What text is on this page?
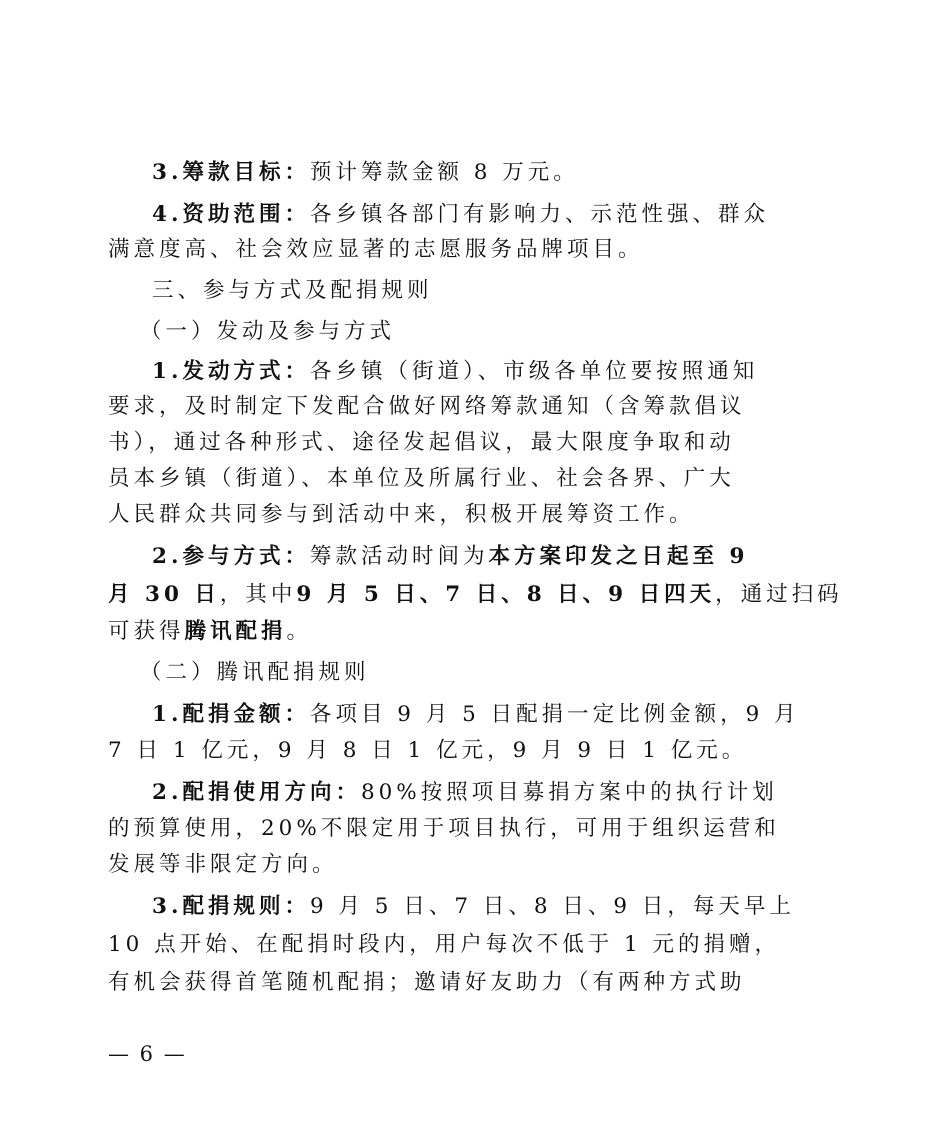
3.筹款目标：预计筹款金额 8 万元。

4.资助范围：各乡镇各部门有影响力、示范性强、群众

满意度高、社会效应显著的志愿服务品牌项目。

三、参与方式及配捐规则

（一）发动及参与方式

1.发动方式：各乡镇（街道）、市级各单位要按照通知

要求，及时制定下发配合做好网络筹款通知（含筹款倡议

书），通过各种形式、途径发起倡议，最大限度争取和动

员本乡镇（街道）、本单位及所属行业、社会各界、广大

人民群众共同参与到活动中来，积极开展筹资工作。

2.参与方式：筹款活动时间为本方案印发之日起至 9

月 30 日，其中9 月 5 日、7 日、8 日、9 日四天，通过扫码

可获得腾讯配捐。

（二）腾讯配捐规则

1.配捐金额：各项目 9 月 5 日配捐一定比例金额，9 月

7 日 1 亿元，9 月 8 日 1 亿元，9 月 9 日 1 亿元。

2.配捐使用方向：80%按照项目募捐方案中的执行计划

的预算使用，20%不限定用于项目执行，可用于组织运营和

发展等非限定方向。

3.配捐规则：9 月 5 日、7 日、8 日、9 日，每天早上

10 点开始、在配捐时段内，用户每次不低于 1 元的捐赠，

有机会获得首笔随机配捐；邀请好友助力（有两种方式助

— 6 —
